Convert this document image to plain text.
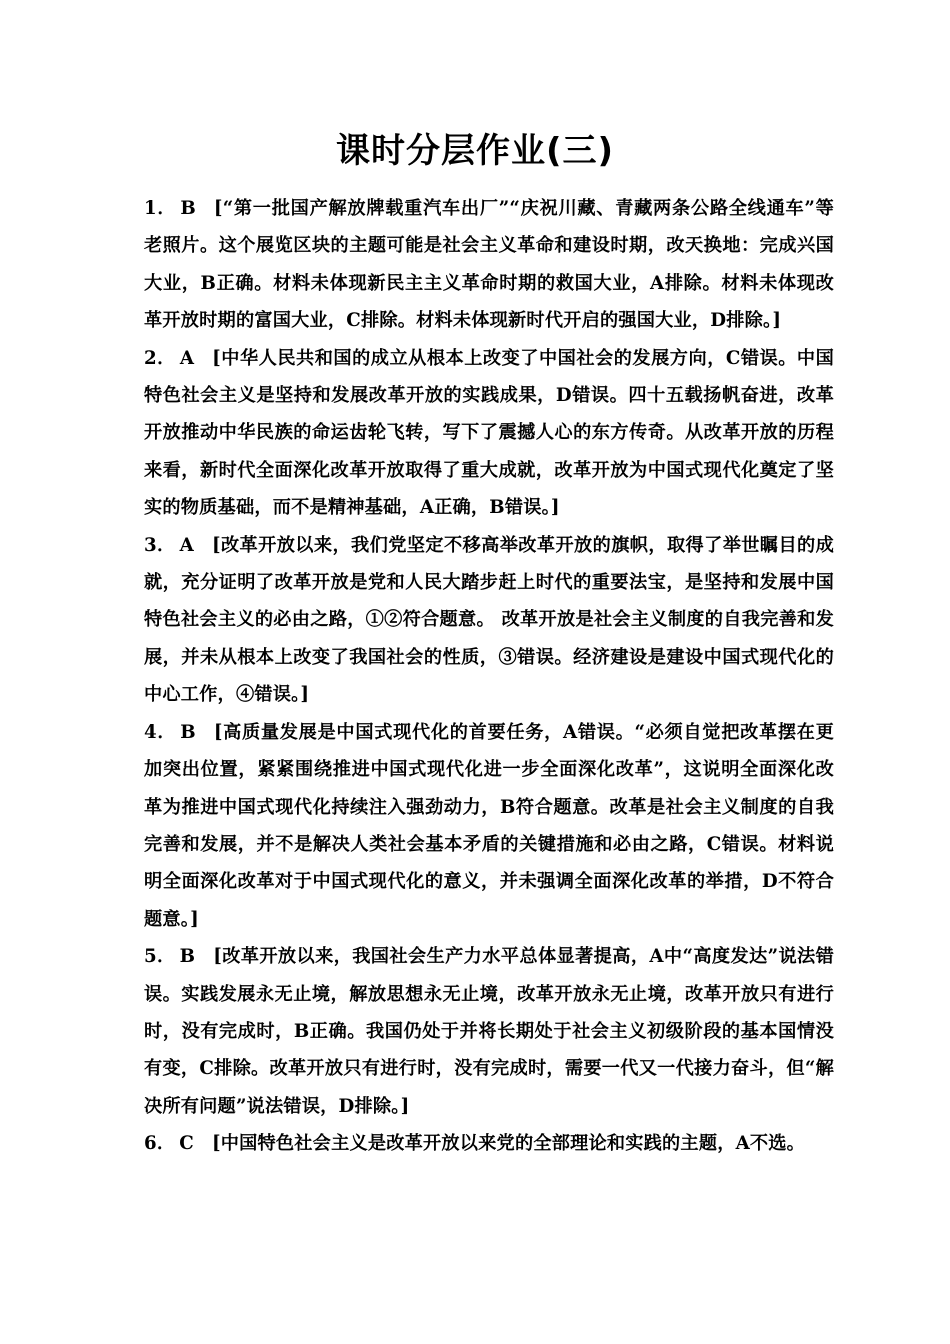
课时分层作业(三)

1． B [“第一批国产解放牌载重汽车出厂”“庆祝川藏、青藏两条公路全线通车”等老照片。这个展览区块的主题可能是社会主义革命和建设时期，改天换地：完成兴国大业，B正确。材料未体现新民主主义革命时期的救国大业，A排除。材料未体现改革开放时期的富国大业，C排除。材料未体现新时代开启的强国大业，D排除。]

2． A [中华人民共和国的成立从根本上改变了中国社会的发展方向，C错误。中国特色社会主义是坚持和发展改革开放的实践成果，D错误。四十五载扬帆奋进，改革开放推动中华民族的命运齿轮飞转，写下了震撼人心的东方传奇。从改革开放的历程来看，新时代全面深化改革开放取得了重大成就，改革开放为中国式现代化奠定了坚实的物质基础，而不是精神基础，A正确，B错误。]

3． A [改革开放以来，我们党坚定不移高举改革开放的旗帜，取得了举世瞩目的成就，充分证明了改革开放是党和人民大踏步赶上时代的重要法宝，是坚持和发展中国特色社会主义的必由之路，①②符合题意。 改革开放是社会主义制度的自我完善和发展，并未从根本上改变了我国社会的性质，③错误。经济建设是建设中国式现代化的中心工作，④错误。]

4． B [高质量发展是中国式现代化的首要任务，A错误。“必须自觉把改革摆在更加突出位置，紧紧围绕推进中国式现代化进一步全面深化改革”，这说明全面深化改革为推进中国式现代化持续注入强劲动力，B符合题意。改革是社会主义制度的自我完善和发展，并不是解决人类社会基本矛盾的关键措施和必由之路，C错误。材料说明全面深化改革对于中国式现代化的意义，并未强调全面深化改革的举措，D不符合题意。]

5． B [改革开放以来，我国社会生产力水平总体显著提高，A中“高度发达”说法错误。实践发展永无止境，解放思想永无止境，改革开放永无止境，改革开放只有进行时，没有完成时，B正确。我国仍处于并将长期处于社会主义初级阶段的基本国情没有变，C排除。改革开放只有进行时，没有完成时，需要一代又一代接力奋斗，但“解决所有问题”说法错误，D排除。]

6． C [中国特色社会主义是改革开放以来党的全部理论和实践的主题，A不选。
